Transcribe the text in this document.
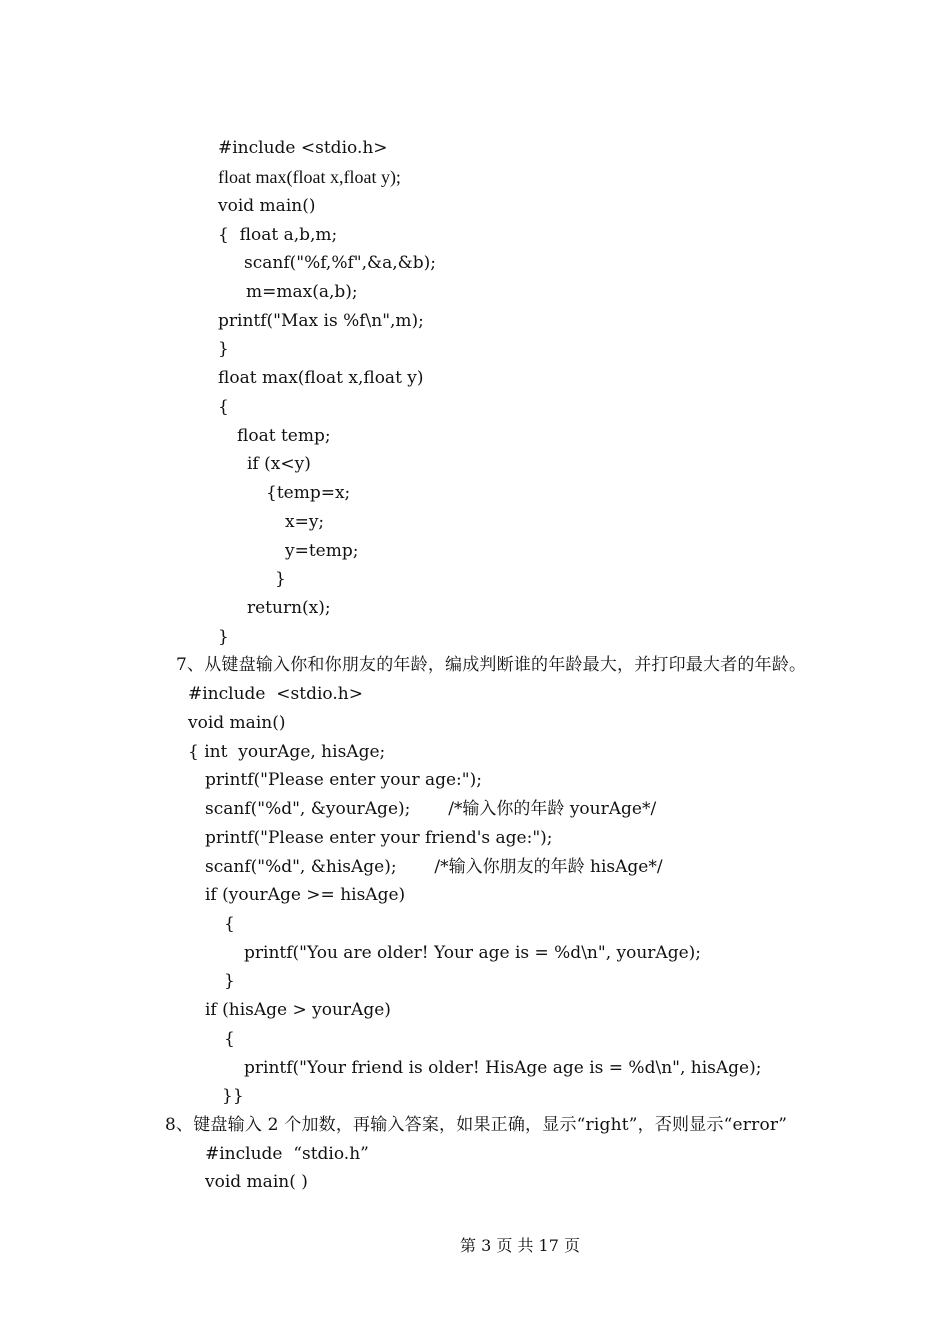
#include <stdio.h>
float max(float x,float y);
void main()
{  float a,b,m;
scanf("%f,%f",&a,&b);
m=max(a,b);
printf("Max is %f\n",m);
}
float max(float x,float y)
{
float temp;
if (x<y)
{temp=x;
x=y;
y=temp;
}
return(x);
}
7、从键盘输入你和你朋友的年龄，编成判断谁的年龄最大，并打印最大者的年龄。
#include  <stdio.h>
void main()
{ int  yourAge, hisAge;
printf("Please enter your age:");
scanf("%d", &yourAge);       /*输入你的年龄 yourAge*/
printf("Please enter your friend's age:");
scanf("%d", &hisAge);       /*输入你朋友的年龄 hisAge*/
if (yourAge >= hisAge)
{
printf("You are older! Your age is = %d\n", yourAge);
}
if (hisAge > yourAge)
{
printf("Your friend is older! HisAge age is = %d\n", hisAge);
}}
8、键盘输入 2 个加数，再输入答案，如果正确，显示“right”，否则显示“error”
#include  “stdio.h”
void main( )
第 3 页 共 17 页
